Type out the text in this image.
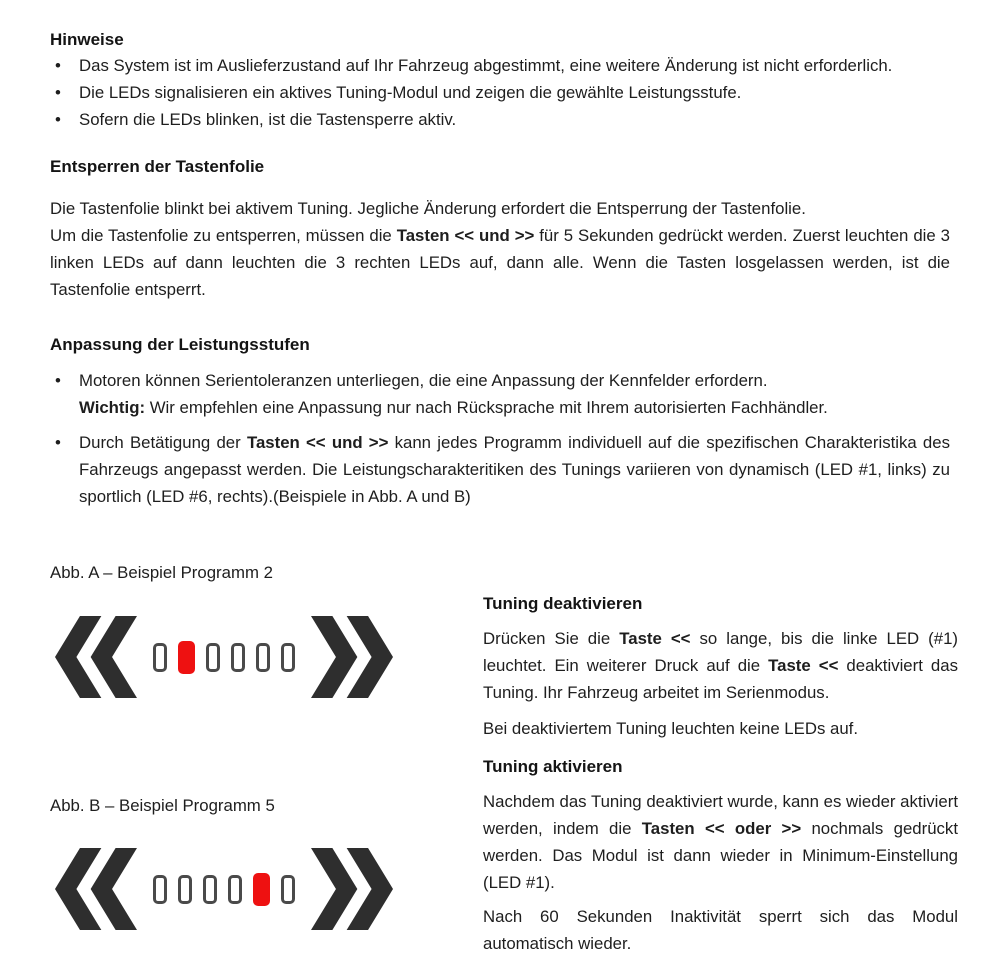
Hinweise
• Das System ist im Auslieferzustand auf Ihr Fahrzeug abgestimmt, eine weitere Änderung ist nicht erforderlich.
• Die LEDs signalisieren ein aktives Tuning-Modul und zeigen die gewählte Leistungsstufe.
• Sofern die LEDs blinken, ist die Tastensperre aktiv.
Entsperren der Tastenfolie
Die Tastenfolie blinkt bei aktivem Tuning. Jegliche Änderung erfordert die Entsperrung der Tastenfolie.
Um die Tastenfolie zu entsperren, müssen die Tasten << und >> für 5 Sekunden gedrückt werden. Zuerst leuchten die 3 linken LEDs auf dann leuchten die 3 rechten LEDs auf, dann alle. Wenn die Tasten losgelassen werden, ist die Tastenfolie entsperrt.
Anpassung der Leistungsstufen
• Motoren können Serientoleranzen unterliegen, die eine Anpassung der Kennfelder erfordern.
Wichtig: Wir empfehlen eine Anpassung nur nach Rücksprache mit Ihrem autorisierten Fachhändler.
• Durch Betätigung der Tasten << und >> kann jedes Programm individuell auf die spezifischen Charakteristika des Fahrzeugs angepasst werden. Die Leistungscharakteritiken des Tunings variieren von dynamisch (LED #1, links) zu sportlich (LED #6, rechts).(Beispiele in Abb. A und B)
Abb. A – Beispiel Programm 2
Abb. B – Beispiel Programm 5
Tuning deaktivieren
Drücken Sie die Taste << so lange, bis die linke LED (#1) leuchtet. Ein weiterer Druck auf die Taste << deaktiviert das Tuning. Ihr Fahrzeug arbeitet im Serienmodus.
Bei deaktiviertem Tuning leuchten keine LEDs auf.
Tuning aktivieren
Nachdem das Tuning deaktiviert wurde, kann es wieder aktiviert werden, indem die Tasten << oder >> nochmals gedrückt werden. Das Modul ist dann wieder in Minimum-Einstellung (LED #1).
Nach 60 Sekunden Inaktivität sperrt sich das Modul automatisch wieder.
